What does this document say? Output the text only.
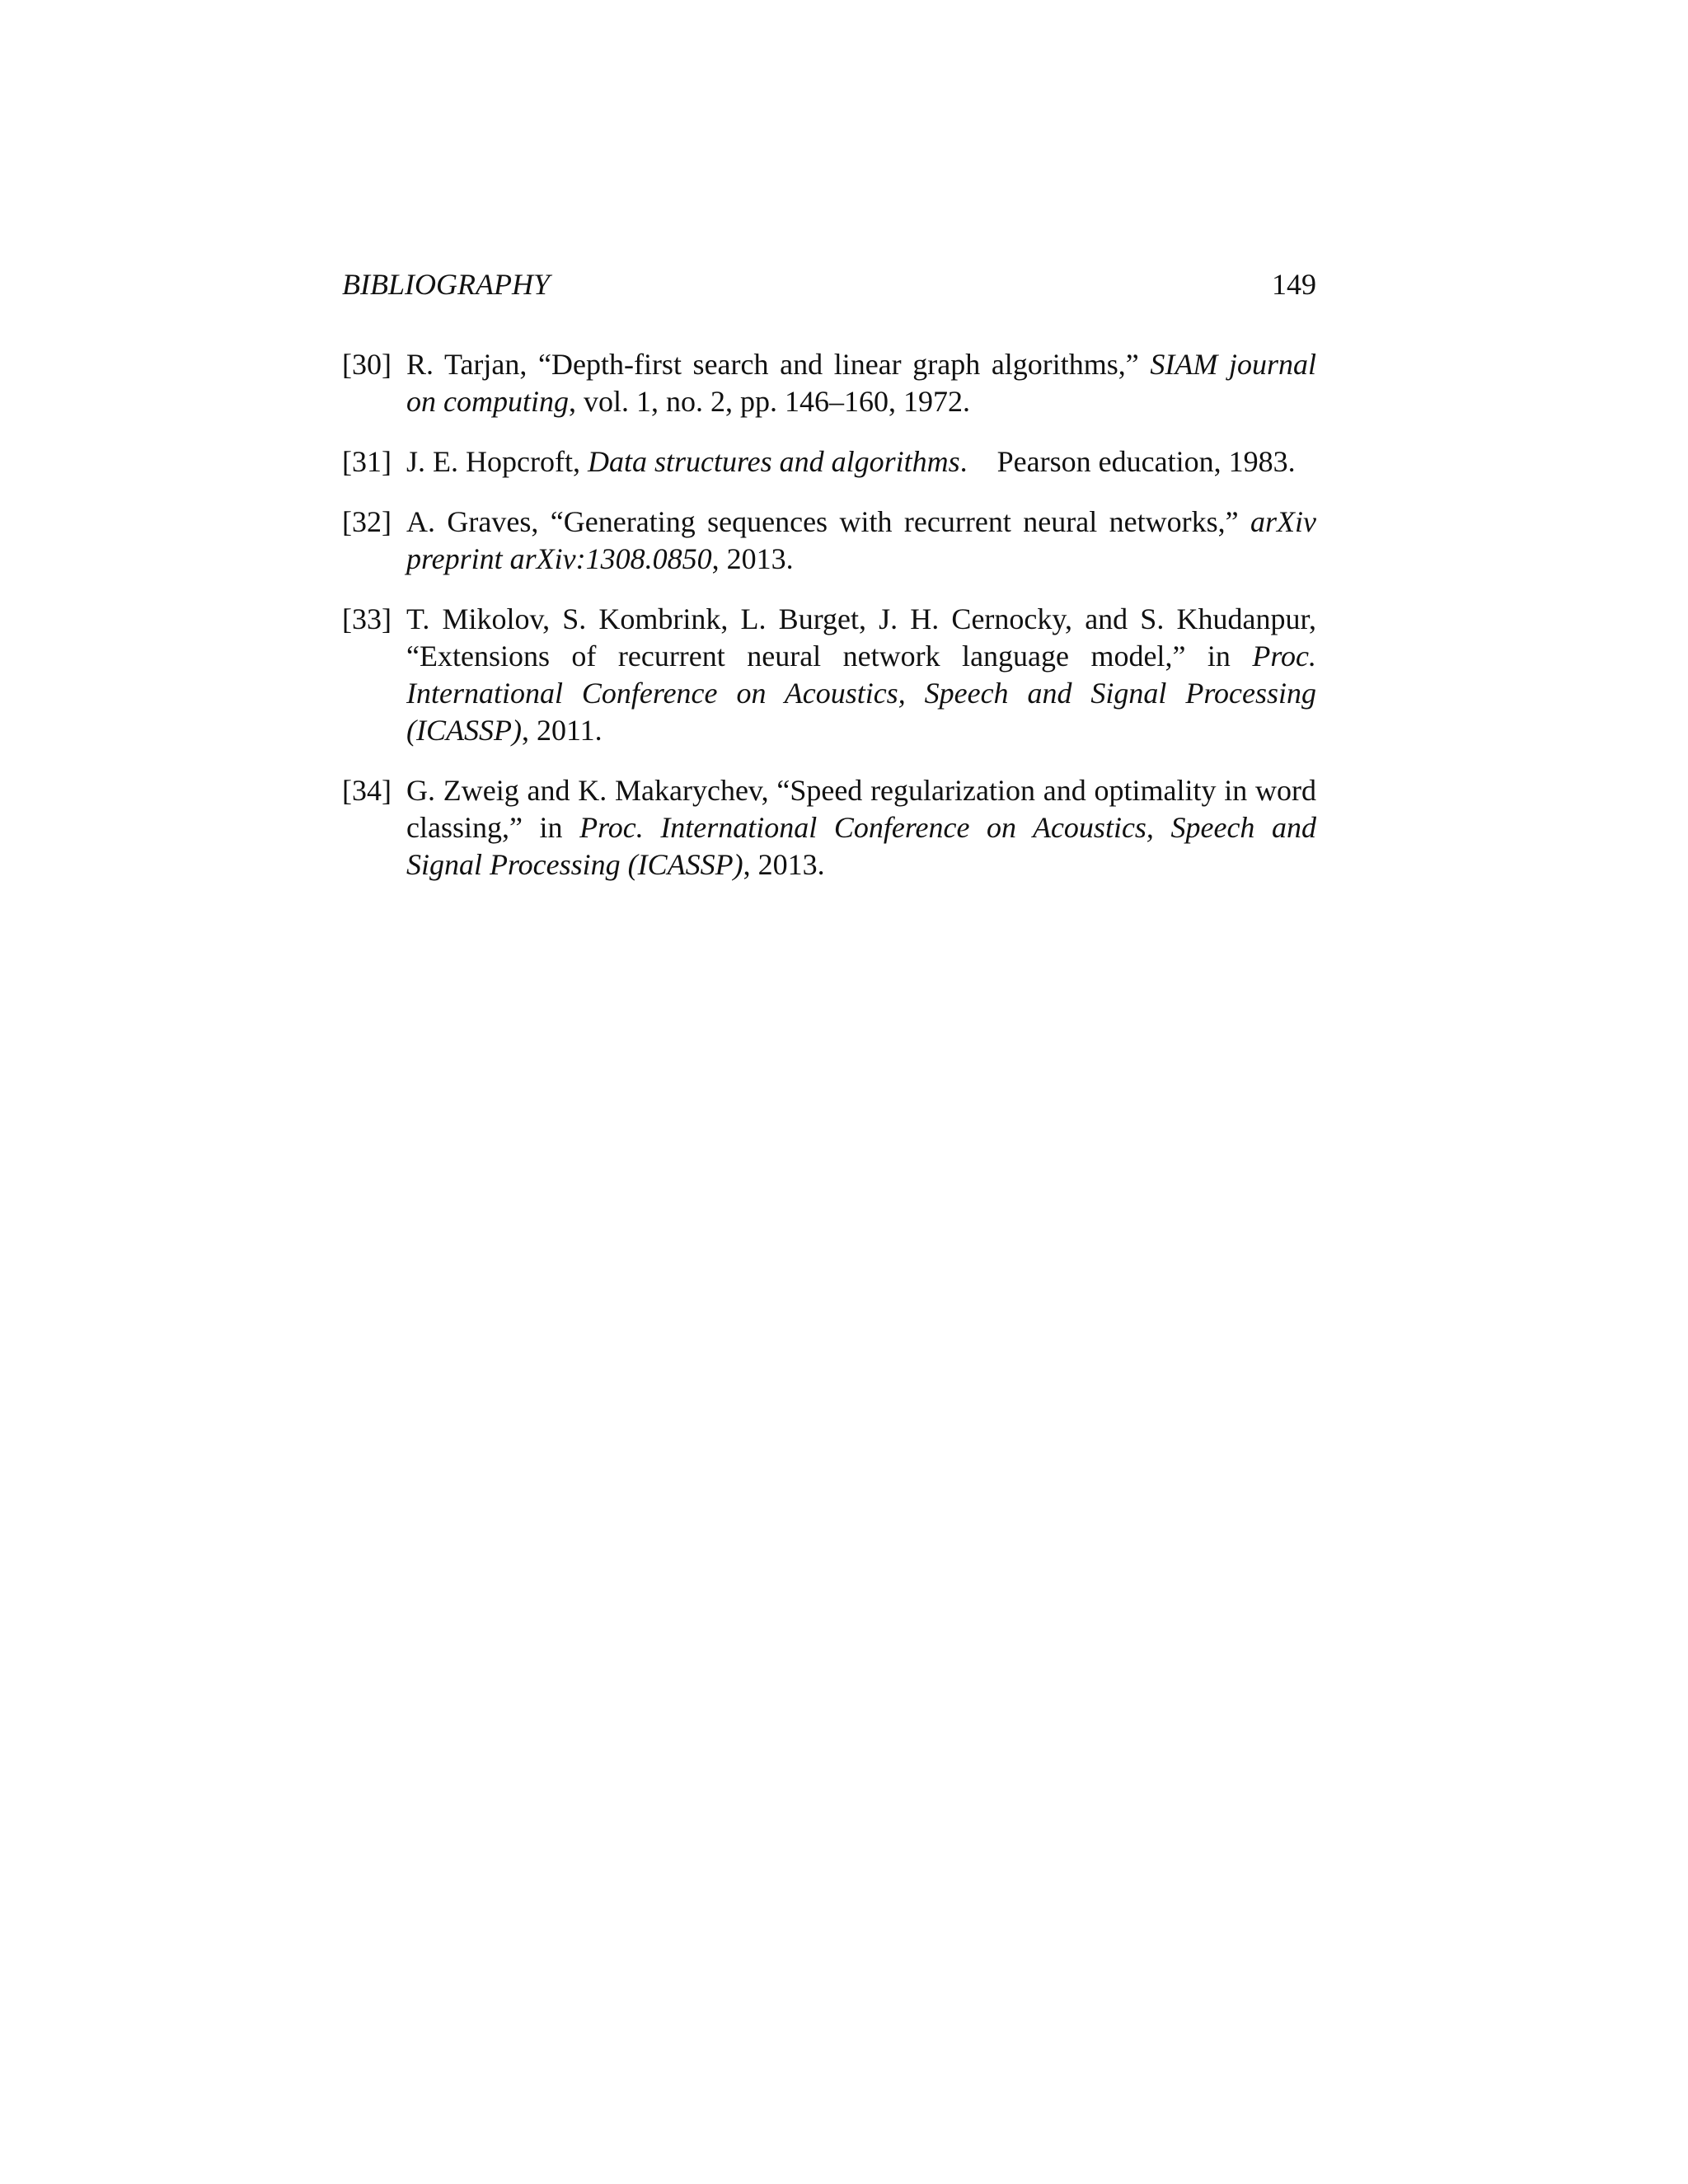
BIBLIOGRAPHY	149
[30] R. Tarjan, “Depth-first search and linear graph algorithms,” SIAM journal on computing, vol. 1, no. 2, pp. 146–160, 1972.
[31] J. E. Hopcroft, Data structures and algorithms.    Pearson education, 1983.
[32] A. Graves, “Generating sequences with recurrent neural networks,” arXiv preprint arXiv:1308.0850, 2013.
[33] T. Mikolov, S. Kombrink, L. Burget, J. H. Cernocky, and S. Khudanpur, “Extensions of recurrent neural network language model,” in Proc. International Conference on Acoustics, Speech and Signal Processing (ICASSP), 2011.
[34] G. Zweig and K. Makarychev, “Speed regularization and optimality in word classing,” in Proc. International Conference on Acoustics, Speech and Signal Processing (ICASSP), 2013.
